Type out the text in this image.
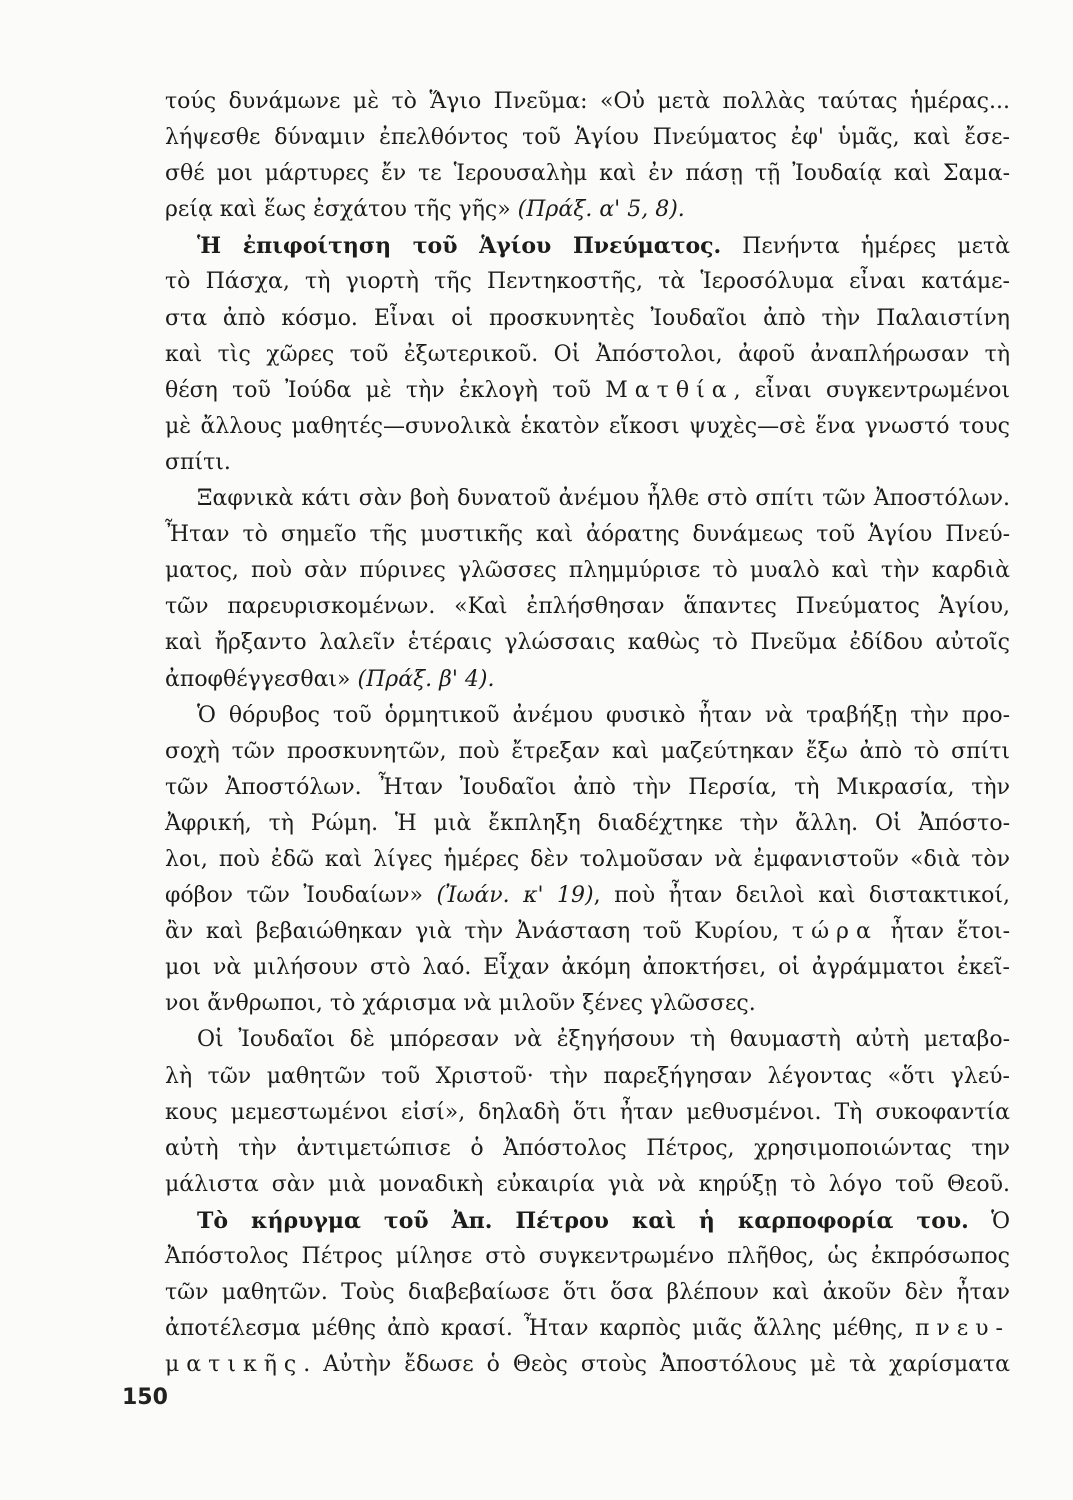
τούς δυνάμωνε μὲ τὸ Ἅγιο Πνεῦμα: «Οὐ μετὰ πολλὰς ταύτας ἡμέρας...
λήψεσθε δύναμιν ἐπελθόντος τοῦ Ἁγίου Πνεύματος ἐφ' ὑμᾶς, καὶ ἔσε-
σθέ μοι μάρτυρες ἔν τε Ἱερουσαλὴμ καὶ ἐν πάσῃ τῇ Ἰουδαίᾳ καὶ Σαμα-
ρείᾳ καὶ ἕως ἐσχάτου τῆς γῆς» (Πράξ. α' 5, 8).
Ἡ ἐπιφοίτηση τοῦ Ἁγίου Πνεύματος. Πενήντα ἡμέρες μετὰ
τὸ Πάσχα, τὴ γιορτὴ τῆς Πεντηκοστῆς, τὰ Ἱεροσόλυμα εἶναι κατάμε-
στα ἀπὸ κόσμο. Εἶναι οἱ προσκυνητὲς Ἰουδαῖοι ἀπὸ τὴν Παλαιστίνη
καὶ τὶς χῶρες τοῦ ἐξωτερικοῦ. Οἱ Ἀπόστολοι, ἀφοῦ ἀναπλήρωσαν τὴ
θέση τοῦ Ἰούδα μὲ τὴν ἐκλογὴ τοῦ Ματθία, εἶναι συγκεντρωμένοι
μὲ ἄλλους μαθητές—συνολικὰ ἑκατὸν εἴκοσι ψυχὲς—σὲ ἕνα γνωστό τους
σπίτι.
Ξαφνικὰ κάτι σὰν βοὴ δυνατοῦ ἀνέμου ἦλθε στὸ σπίτι τῶν Ἀποστόλων.
Ἦταν τὸ σημεῖο τῆς μυστικῆς καὶ ἀόρατης δυνάμεως τοῦ Ἁγίου Πνεύ-
ματος, ποὺ σὰν πύρινες γλῶσσες πλημμύρισε τὸ μυαλὸ καὶ τὴν καρδιὰ
τῶν παρευρισκομένων. «Καὶ ἐπλήσθησαν ἅπαντες Πνεύματος Ἁγίου,
καὶ ἤρξαντο λαλεῖν ἑτέραις γλώσσαις καθὼς τὸ Πνεῦμα ἐδίδου αὐτοῖς
ἀποφθέγγεσθαι» (Πράξ. β' 4).
Ὁ θόρυβος τοῦ ὁρμητικοῦ ἀνέμου φυσικὸ ἦταν νὰ τραβήξῃ τὴν προ-
σοχὴ τῶν προσκυνητῶν, ποὺ ἔτρεξαν καὶ μαζεύτηκαν ἔξω ἀπὸ τὸ σπίτι
τῶν Ἀποστόλων. Ἦταν Ἰουδαῖοι ἀπὸ τὴν Περσία, τὴ Μικρασία, τὴν
Ἀφρική, τὴ Ρώμη. Ἡ μιὰ ἔκπληξη διαδέχτηκε τὴν ἄλλη. Οἱ Ἀπόστο-
λοι, ποὺ ἐδῶ καὶ λίγες ἡμέρες δὲν τολμοῦσαν νὰ ἐμφανιστοῦν «διὰ τὸν
φόβον τῶν Ἰουδαίων» (Ἰωάν. κ' 19), ποὺ ἦταν δειλοὶ καὶ διστακτικοί,
ἂν καὶ βεβαιώθηκαν γιὰ τὴν Ἀνάσταση τοῦ Κυρίου, τώρα ἦταν ἕτοι-
μοι νὰ μιλήσουν στὸ λαό. Εἶχαν ἀκόμη ἀποκτήσει, οἱ ἀγράμματοι ἐκεῖ-
νοι ἄνθρωποι, τὸ χάρισμα νὰ μιλοῦν ξένες γλῶσσες.
Οἱ Ἰουδαῖοι δὲ μπόρεσαν νὰ ἐξηγήσουν τὴ θαυμαστὴ αὐτὴ μεταβο-
λὴ τῶν μαθητῶν τοῦ Χριστοῦ· τὴν παρεξήγησαν λέγοντας «ὅτι γλεύ-
κους μεμεστωμένοι εἰσί», δηλαδὴ ὅτι ἦταν μεθυσμένοι. Τὴ συκοφαντία
αὐτὴ τὴν ἀντιμετώπισε ὁ Ἀπόστολος Πέτρος, χρησιμοποιώντας την
μάλιστα σὰν μιὰ μοναδικὴ εὐκαιρία γιὰ νὰ κηρύξῃ τὸ λόγο τοῦ Θεοῦ.
Τὸ κήρυγμα τοῦ Ἀπ. Πέτρου καὶ ἡ καρποφορία του. Ὁ
Ἀπόστολος Πέτρος μίλησε στὸ συγκεντρωμένο πλῆθος, ὡς ἐκπρόσωπος
τῶν μαθητῶν. Τοὺς διαβεβαίωσε ὅτι ὅσα βλέπουν καὶ ἀκοῦν δὲν ἦταν
ἀποτέλεσμα μέθης ἀπὸ κρασί. Ἦταν καρπὸς μιᾶς ἄλλης μέθης, πνευ-
ματικῆς. Αὐτὴν ἔδωσε ὁ Θεὸς στοὺς Ἀποστόλους μὲ τὰ χαρίσματα
150
